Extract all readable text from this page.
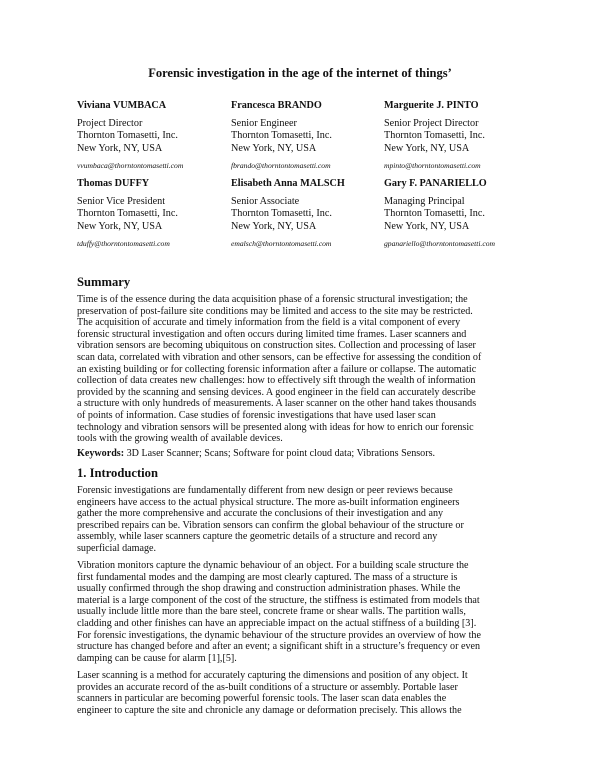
Forensic investigation in the age of the internet of things’
Viviana VUMBACA
Project Director
Thornton Tomasetti, Inc.
New York, NY, USA
vvumbaca@thorntontomasetti.com
Francesca BRANDO
Senior Engineer
Thornton Tomasetti, Inc.
New York, NY, USA
fbrando@thorntontomasetti.com
Marguerite J. PINTO
Senior Project Director
Thornton Tomasetti, Inc.
New York, NY, USA
mpinto@thorntontomasetti.com
Thomas DUFFY
Senior Vice President
Thornton Tomasetti, Inc.
New York, NY, USA
tduffy@thorntontomasetti.com
Elisabeth Anna MALSCH
Senior Associate
Thornton Tomasetti, Inc.
New York, NY, USA
emalsch@thorntontomasetti.com
Gary F. PANARIELLO
Managing Principal
Thornton Tomasetti, Inc.
New York, NY, USA
gpanariello@thorntontomasetti.com
Summary
Time is of the essence during the data acquisition phase of a forensic structural investigation; the
preservation of post-failure site conditions may be limited and access to the site may be restricted.
The acquisition of accurate and timely information from the field is a vital component of every
forensic structural investigation and often occurs during limited time frames. Laser scanners and
vibration sensors are becoming ubiquitous on construction sites. Collection and processing of laser
scan data, correlated with vibration and other sensors, can be effective for assessing the condition of
an existing building or for collecting forensic information after a failure or collapse. The automatic
collection of data creates new challenges: how to effectively sift through the wealth of information
provided by the scanning and sensing devices. A good engineer in the field can accurately describe
a structure with only hundreds of measurements. A laser scanner on the other hand takes thousands
of points of information. Case studies of forensic investigations that have used laser scan
technology and vibration sensors will be presented along with ideas for how to enrich our forensic
tools with the growing wealth of available devices.
Keywords: 3D Laser Scanner; Scans; Software for point cloud data; Vibrations Sensors.
1. Introduction
Forensic investigations are fundamentally different from new design or peer reviews because
engineers have access to the actual physical structure. The more as-built information engineers
gather the more comprehensive and accurate the conclusions of their investigation and any
prescribed repairs can be. Vibration sensors can confirm the global behaviour of the structure or
assembly, while laser scanners capture the geometric details of a structure and record any
superficial damage.
Vibration monitors capture the dynamic behaviour of an object. For a building scale structure the
first fundamental modes and the damping are most clearly captured. The mass of a structure is
usually confirmed through the shop drawing and construction administration phases. While the
material is a large component of the cost of the structure, the stiffness is estimated from models that
usually include little more than the bare steel, concrete frame or shear walls. The partition walls,
cladding and other finishes can have an appreciable impact on the actual stiffness of a building [3].
For forensic investigations, the dynamic behaviour of the structure provides an overview of how the
structure has changed before and after an event; a significant shift in a structure’s frequency or even
damping can be cause for alarm [1],[5].
Laser scanning is a method for accurately capturing the dimensions and position of any object. It
provides an accurate record of the as-built conditions of a structure or assembly. Portable laser
scanners in particular are becoming powerful forensic tools. The laser scan data enables the
engineer to capture the site and chronicle any damage or deformation precisely. This allows the
